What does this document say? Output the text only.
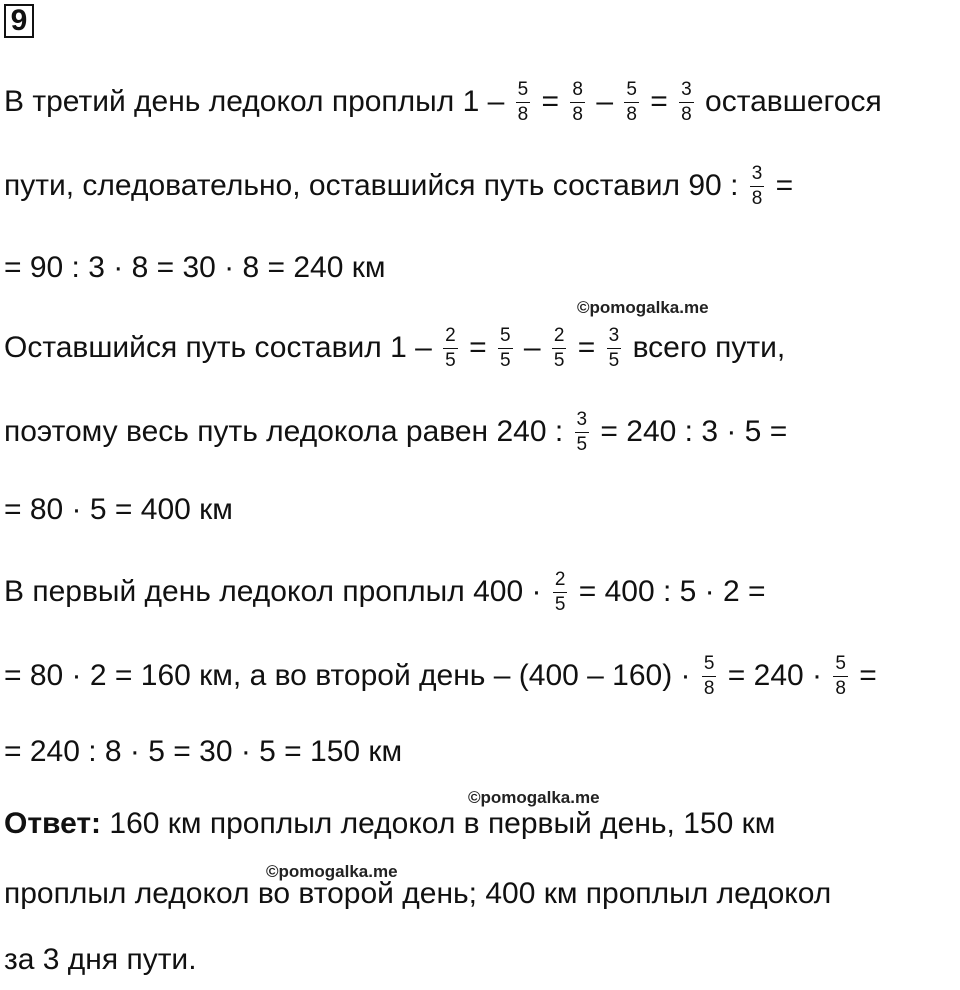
9
В третий день ледокол проплыл $1 - \frac{5}{8} = \frac{8}{8} - \frac{5}{8} = \frac{3}{8}$ оставшегося
пути, следовательно, оставшийся путь составил 90 : $\frac{3}{8}$ =
= 90 : 3 · 8 = 30 · 8 = 240 км
©pomogalka.me
Оставшийся путь составил $1 - \frac{2}{5} = \frac{5}{5} - \frac{2}{5} = \frac{3}{5}$ всего пути,
поэтому весь путь ледокола равен 240 : $\frac{3}{5} = 240$ : 3 · 5 =
= 80 · 5 = 400 км
В первый день ледокол проплыл $400 \cdot \frac{2}{5} = 400$ : 5 · 2 =
= 80 · 2 = 160 км, а во второй день – $(400 - 160) \cdot \frac{5}{8} = 240 \cdot \frac{5}{8}$ =
= 240 : 8 · 5 = 30 · 5 = 150 км
©pomogalka.me
Ответ: 160 км проплыл ледокол в первый день, 150 км
©pomogalka.me
проплыл ледокол во второй день; 400 км проплыл ледокол
за 3 дня пути.
